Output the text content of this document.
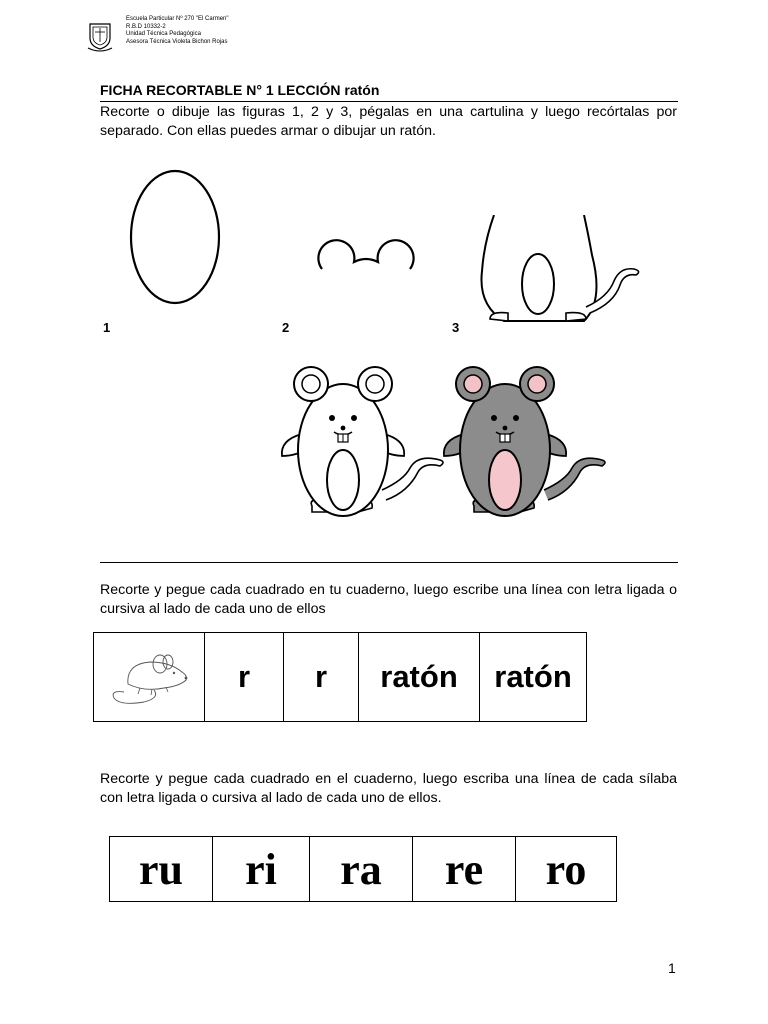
Escuela Particular Nº 270 "El Carmen"
R.B.D 10332-2
Unidad Técnica Pedagógica
Asesora Técnica Violeta Bichon Rojas
FICHA RECORTABLE N° 1 LECCIÓN ratón
Recorte o dibuje las figuras 1, 2 y 3, pégalas en una cartulina y luego recórtalas por separado. Con ellas puedes armar o dibujar un ratón.
1	2	3
Recorte y pegue cada cuadrado en tu cuaderno, luego escribe una línea con letra ligada o cursiva al lado de cada uno de ellos
	r	r	ratón	ratón
Recorte y pegue cada cuadrado en el cuaderno, luego escriba una línea de cada sílaba con letra ligada o cursiva al lado de cada uno de ellos.
ru	ri	ra	re	ro
1
